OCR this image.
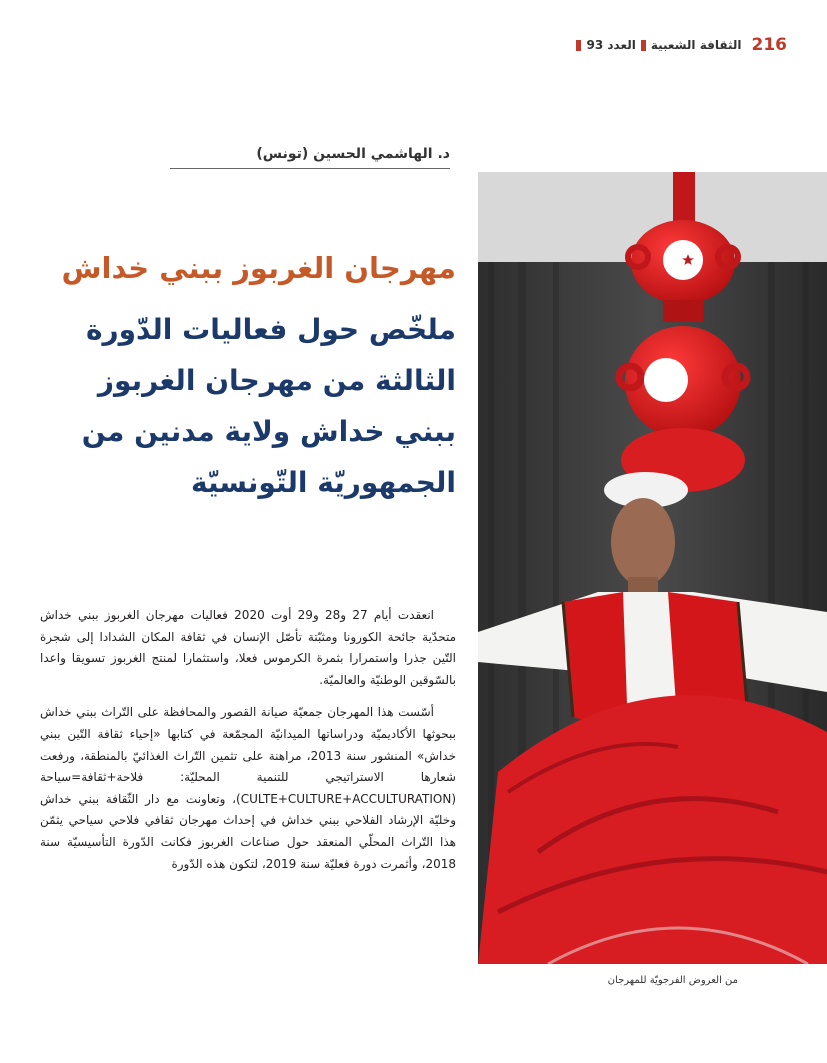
216
الثقافة الشعبية
العدد 93
د. الهاشمي الحسين (تونس)
مهرجان الغربوز ببني خداش
ملخّص حول فعاليات الدّورة الثالثة من مهرجان الغربوز ببني خداش ولاية مدنين من الجمهوريّة التّونسيّة

انعقدت أيام 27 و28 و29 أوت 2020 فعاليات مهرجان الغربوز ببني خداش متحدّية جائحة الكورونا ومثبّتة تأصّل الإنسان في ثقافة المكان الشدادا إلى شجرة التّين جذرا واستمرارا بثمرة الكرموس فعلا، واستثمارا لمنتج الغربوز تسويقا واعدا بالسّوقين الوطنيّة والعالميّة.

أسّست هذا المهرجان جمعيّة صيانة القصور والمحافظة على التّراث ببني خداش ببحوثها الأكاديميّة ودراساتها الميدانيّة المجمّعة في كتابها «إحياء ثقافة التّين ببني خداش» المنشور سنة 2013، مراهنة على تثمين التّراث الغذائيّ بالمنطقة، ورفعت شعارها الاستراتيجي للتنمية المحليّة: فلاحة+ثقافة=سياحة (CULTE+CULTURE+ACCULTURATION)، وتعاونت مع دار الثّقافة ببني خداش وخليّة الإرشاد الفلاحي ببني خداش في إحداث مهرجان ثقافي فلاحي سياحي يثمّن هذا التّراث المحلّي المنعقد حول صناعات الغربوز فكانت الدّورة التأسيسيّة سنة 2018، وأثمرت دورة فعليّة سنة 2019، لتكون هذه الدّورة

من العروض الفرجويّة للمهرجان
